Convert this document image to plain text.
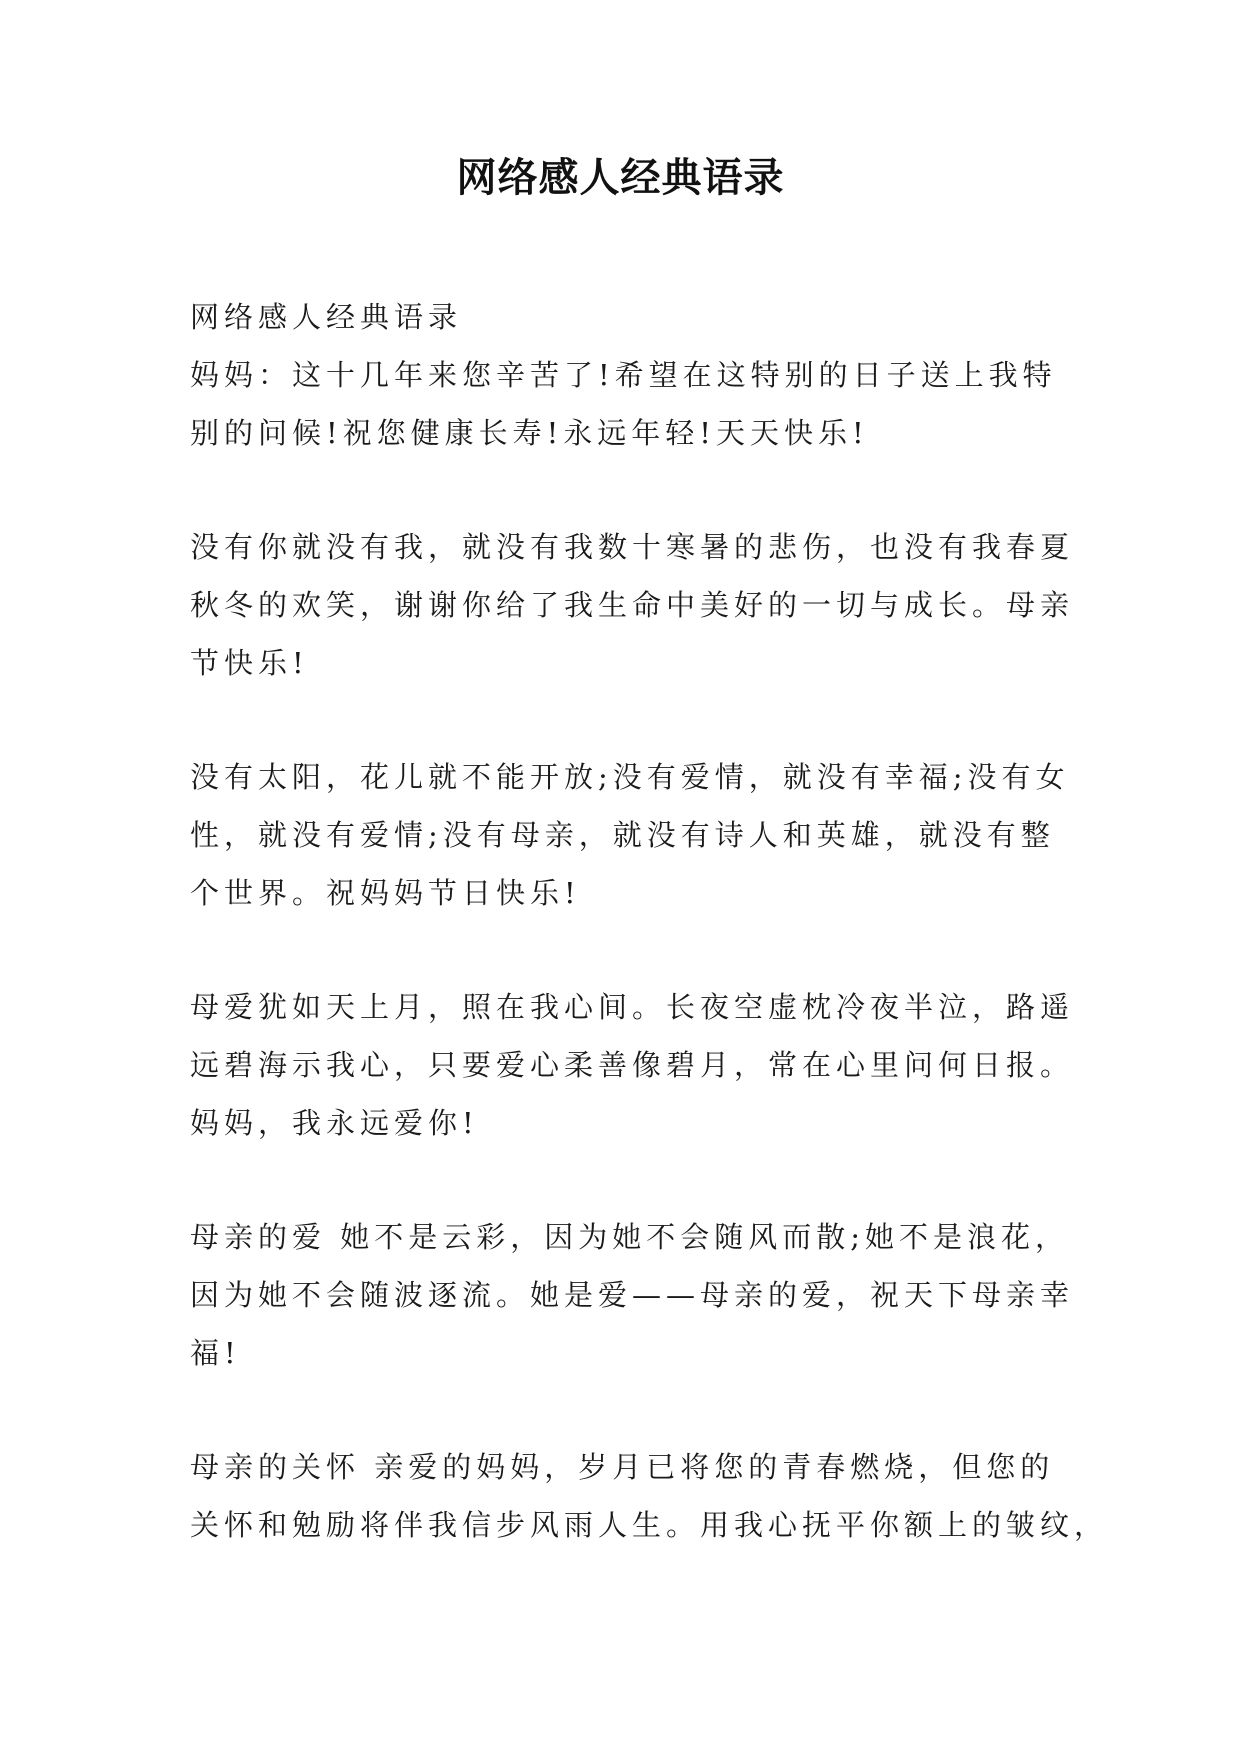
网络感人经典语录
网络感人经典语录
妈妈：这十几年来您辛苦了!希望在这特别的日子送上我特
别的问候!祝您健康长寿!永远年轻!天天快乐!
没有你就没有我，就没有我数十寒暑的悲伤，也没有我春夏
秋冬的欢笑，谢谢你给了我生命中美好的一切与成长。母亲
节快乐!
没有太阳，花儿就不能开放;没有爱情，就没有幸福;没有女
性，就没有爱情;没有母亲，就没有诗人和英雄，就没有整
个世界。祝妈妈节日快乐!
母爱犹如天上月，照在我心间。长夜空虚枕冷夜半泣，路遥
远碧海示我心，只要爱心柔善像碧月，常在心里问何日报。
妈妈，我永远爱你!
母亲的爱 她不是云彩，因为她不会随风而散;她不是浪花，
因为她不会随波逐流。她是爱——母亲的爱，祝天下母亲幸
福!
母亲的关怀 亲爱的妈妈，岁月已将您的青春燃烧，但您的
关怀和勉励将伴我信步风雨人生。用我心抚平你额上的皱纹，
